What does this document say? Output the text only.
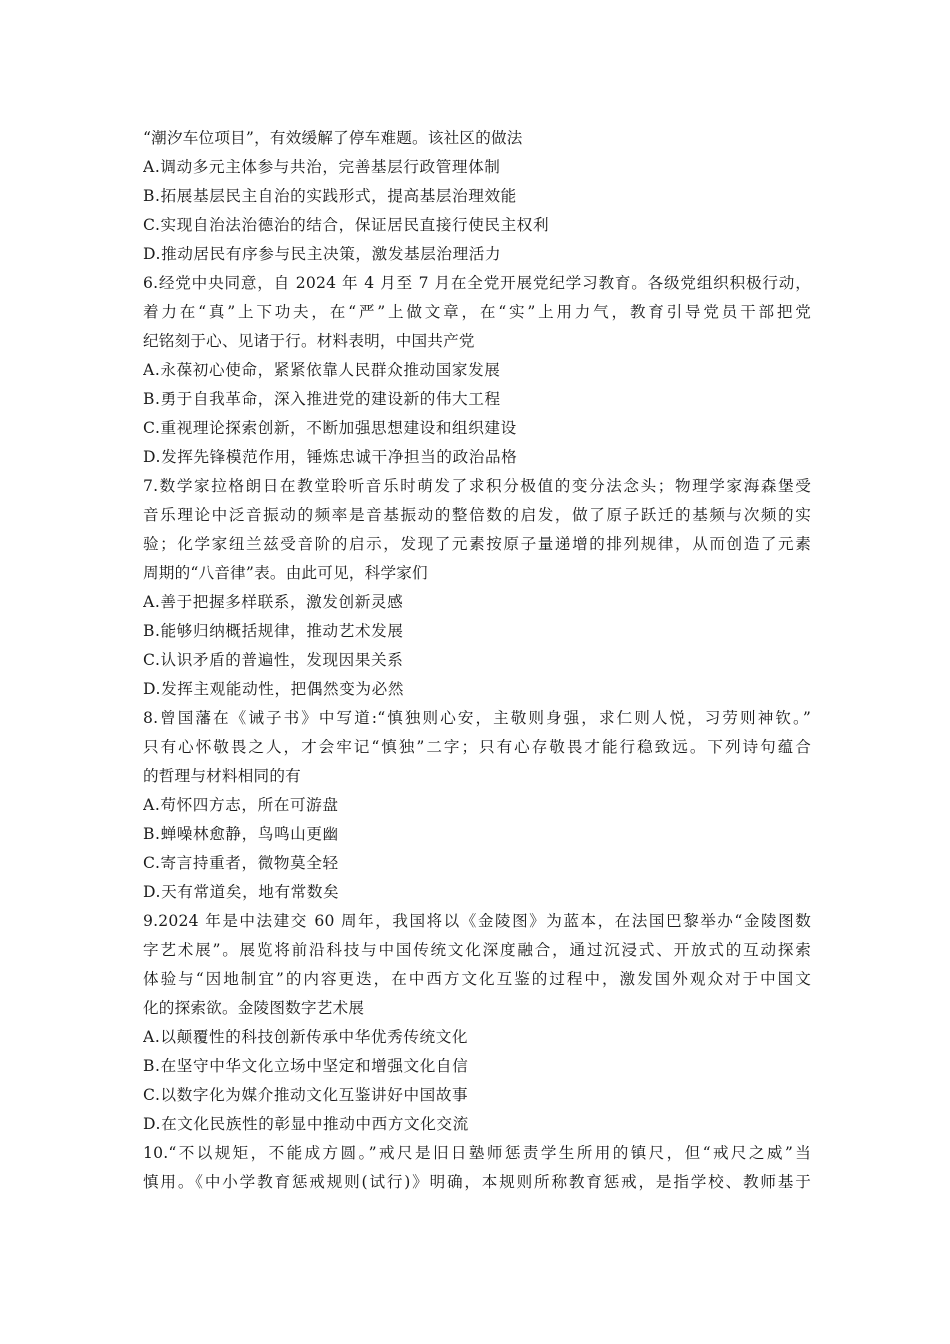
“潮汐车位项目”，有效缓解了停车难题。该社区的做法
A.调动多元主体参与共治，完善基层行政管理体制
B.拓展基层民主自治的实践形式，提高基层治理效能
C.实现自治法治德治的结合，保证居民直接行使民主权利
D.推动居民有序参与民主决策，激发基层治理活力
6.经党中央同意，自 2024 年 4 月至 7 月在全党开展党纪学习教育。各级党组织积极行动，
着力在“真”上下功夫，在“严”上做文章，在“实”上用力气，教育引导党员干部把党
纪铭刻于心、见诸于行。材料表明，中国共产党
A.永葆初心使命，紧紧依靠人民群众推动国家发展
B.勇于自我革命，深入推进党的建设新的伟大工程
C.重视理论探索创新，不断加强思想建设和组织建设
D.发挥先锋模范作用，锤炼忠诚干净担当的政治品格
7.数学家拉格朗日在教堂聆听音乐时萌发了求积分极值的变分法念头；物理学家海森堡受
音乐理论中泛音振动的频率是音基振动的整倍数的启发，做了原子跃迁的基频与次频的实
验；化学家纽兰兹受音阶的启示，发现了元素按原子量递增的排列规律，从而创造了元素
周期的“八音律”表。由此可见，科学家们
A.善于把握多样联系，激发创新灵感
B.能够归纳概括规律，推动艺术发展
C.认识矛盾的普遍性，发现因果关系
D.发挥主观能动性，把偶然变为必然
8.曾国藩在《诫子书》中写道:“慎独则心安，主敬则身强，求仁则人悦，习劳则神钦。”
只有心怀敬畏之人，才会牢记“慎独”二字；只有心存敬畏才能行稳致远。下列诗句蕴合
的哲理与材料相同的有
A.苟怀四方志，所在可游盘
B.蝉噪林愈静，鸟鸣山更幽
C.寄言持重者，微物莫全轻
D.天有常道矣，地有常数矣
9.2024 年是中法建交 60 周年，我国将以《金陵图》为蓝本，在法国巴黎举办“金陵图数
字艺术展”。展览将前沿科技与中国传统文化深度融合，通过沉浸式、开放式的互动探索
体验与“因地制宜”的内容更迭，在中西方文化互鉴的过程中，激发国外观众对于中国文
化的探索欲。金陵图数字艺术展
A.以颠覆性的科技创新传承中华优秀传统文化
B.在坚守中华文化立场中坚定和增强文化自信
C.以数字化为媒介推动文化互鉴讲好中国故事
D.在文化民族性的彰显中推动中西方文化交流
10.“不以规矩，不能成方圆。”戒尺是旧日塾师惩责学生所用的镇尺，但“戒尺之威”当
慎用。《中小学教育惩戒规则(试行)》明确，本规则所称教育惩戒，是指学校、教师基于
